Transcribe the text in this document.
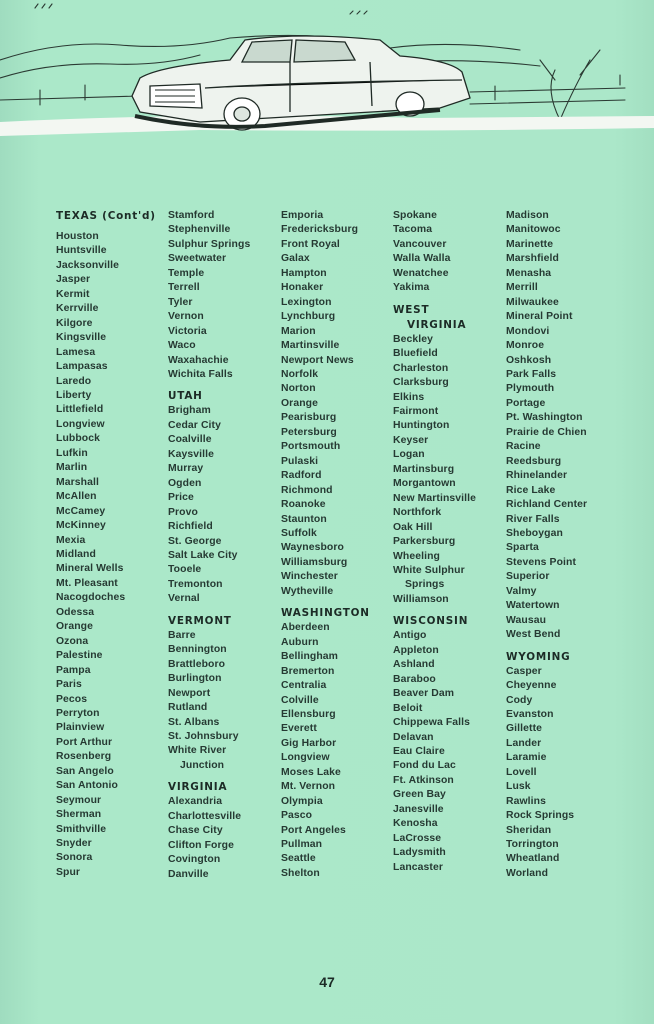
TEXAS (Cont'd)
Houston
Huntsville
Jacksonville
Jasper
Kermit
Kerrville
Kilgore
Kingsville
Lamesa
Lampasas
Laredo
Liberty
Littlefield
Longview
Lubbock
Lufkin
Marlin
Marshall
McAllen
McCamey
McKinney
Mexia
Midland
Mineral Wells
Mt. Pleasant
Nacogdoches
Odessa
Orange
Ozona
Palestine
Pampa
Paris
Pecos
Perryton
Plainview
Port Arthur
Rosenberg
San Angelo
San Antonio
Seymour
Sherman
Smithville
Snyder
Sonora
Spur
Stamford
Stephenville
Sulphur Springs
Sweetwater
Temple
Terrell
Tyler
Vernon
Victoria
Waco
Waxahachie
Wichita Falls
UTAH
Brigham
Cedar City
Coalville
Kaysville
Murray
Ogden
Price
Provo
Richfield
St. George
Salt Lake City
Tooele
Tremonton
Vernal
VERMONT
Barre
Bennington
Brattleboro
Burlington
Newport
Rutland
St. Albans
St. Johnsbury
White River
Junction
VIRGINIA
Alexandria
Charlottesville
Chase City
Clifton Forge
Covington
Danville
Emporia
Fredericksburg
Front Royal
Galax
Hampton
Honaker
Lexington
Lynchburg
Marion
Martinsville
Newport News
Norfolk
Norton
Orange
Pearisburg
Petersburg
Portsmouth
Pulaski
Radford
Richmond
Roanoke
Staunton
Suffolk
Waynesboro
Williamsburg
Winchester
Wytheville
WASHINGTON
Aberdeen
Auburn
Bellingham
Bremerton
Centralia
Colville
Ellensburg
Everett
Gig Harbor
Longview
Moses Lake
Mt. Vernon
Olympia
Pasco
Port Angeles
Pullman
Seattle
Shelton
Spokane
Tacoma
Vancouver
Walla Walla
Wenatchee
Yakima
WEST
VIRGINIA
Beckley
Bluefield
Charleston
Clarksburg
Elkins
Fairmont
Huntington
Keyser
Logan
Martinsburg
Morgantown
New Martinsville
Northfork
Oak Hill
Parkersburg
Wheeling
White Sulphur
Springs
Williamson
WISCONSIN
Antigo
Appleton
Ashland
Baraboo
Beaver Dam
Beloit
Chippewa Falls
Delavan
Eau Claire
Fond du Lac
Ft. Atkinson
Green Bay
Janesville
Kenosha
LaCrosse
Ladysmith
Lancaster
Madison
Manitowoc
Marinette
Marshfield
Menasha
Merrill
Milwaukee
Mineral Point
Mondovi
Monroe
Oshkosh
Park Falls
Plymouth
Portage
Pt. Washington
Prairie de Chien
Racine
Reedsburg
Rhinelander
Rice Lake
Richland Center
River Falls
Sheboygan
Sparta
Stevens Point
Superior
Valmy
Watertown
Wausau
West Bend
WYOMING
Casper
Cheyenne
Cody
Evanston
Gillette
Lander
Laramie
Lovell
Lusk
Rawlins
Rock Springs
Sheridan
Torrington
Wheatland
Worland
47
